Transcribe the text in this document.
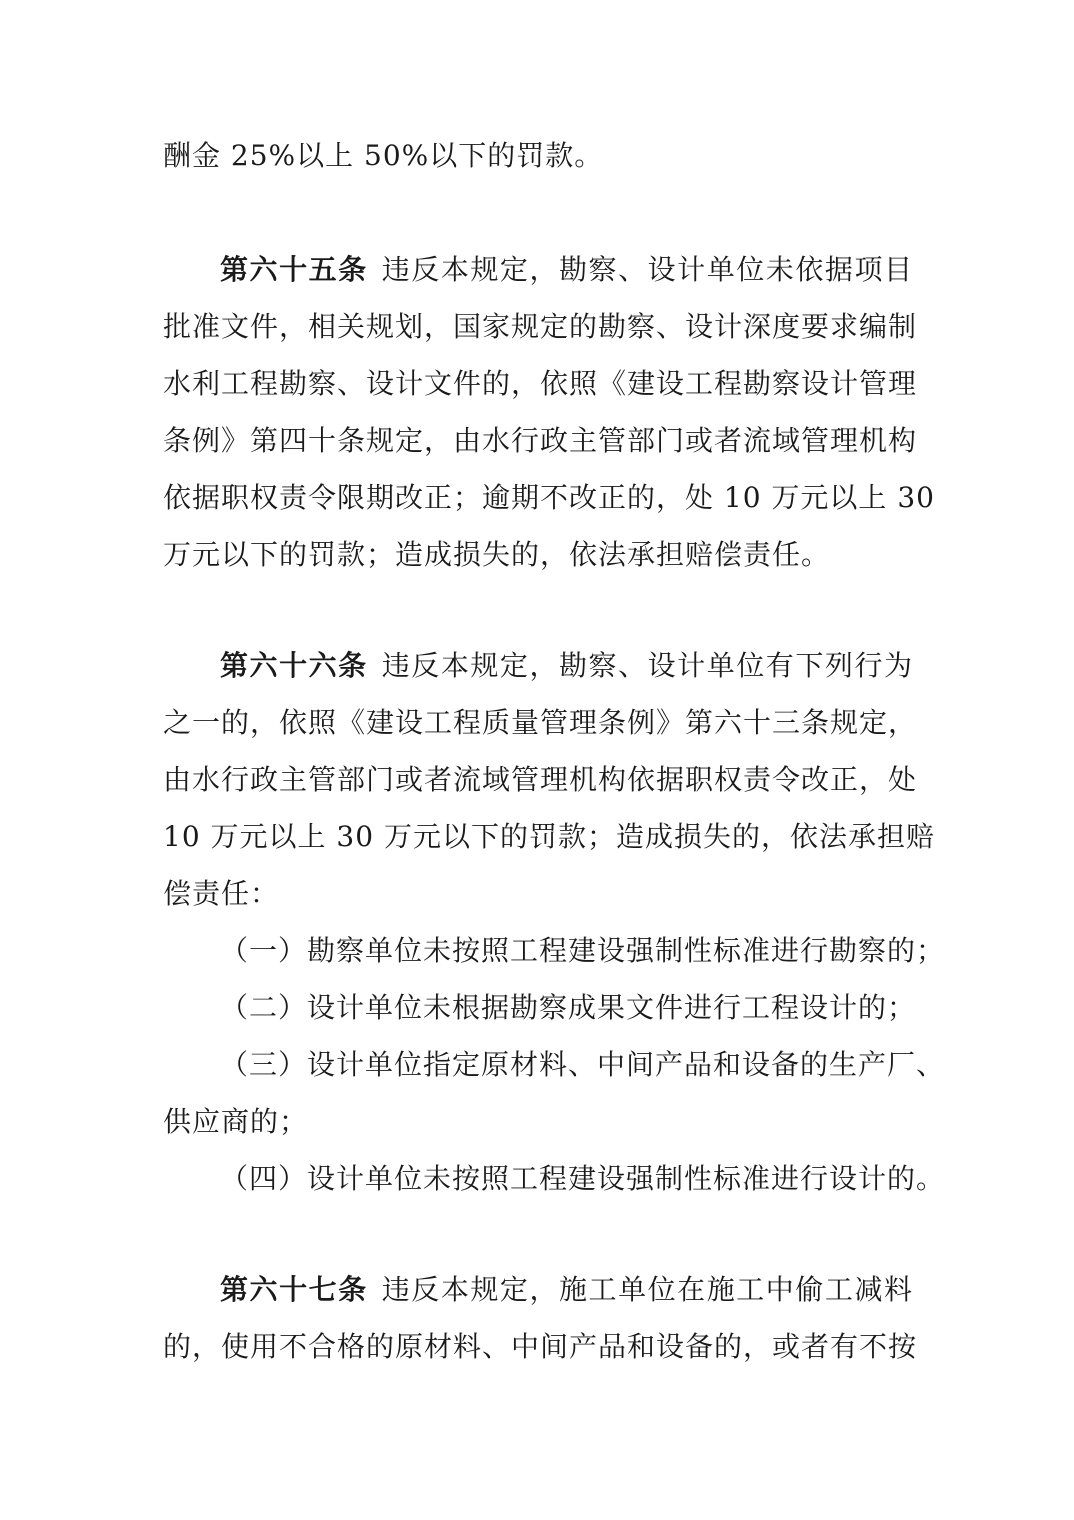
酬金 25%以上 50%以下的罚款。
第六十五条 违反本规定，勘察、设计单位未依据项目
批准文件，相关规划，国家规定的勘察、设计深度要求编制
水利工程勘察、设计文件的，依照《建设工程勘察设计管理
条例》第四十条规定，由水行政主管部门或者流域管理机构
依据职权责令限期改正；逾期不改正的，处 10 万元以上 30
万元以下的罚款；造成损失的，依法承担赔偿责任。
第六十六条 违反本规定，勘察、设计单位有下列行为
之一的，依照《建设工程质量管理条例》第六十三条规定，
由水行政主管部门或者流域管理机构依据职权责令改正，处
10 万元以上 30 万元以下的罚款；造成损失的，依法承担赔
偿责任：
（一）勘察单位未按照工程建设强制性标准进行勘察的；
（二）设计单位未根据勘察成果文件进行工程设计的；
（三）设计单位指定原材料、中间产品和设备的生产厂、
供应商的；
（四）设计单位未按照工程建设强制性标准进行设计的。
第六十七条 违反本规定，施工单位在施工中偷工减料
的，使用不合格的原材料、中间产品和设备的，或者有不按
